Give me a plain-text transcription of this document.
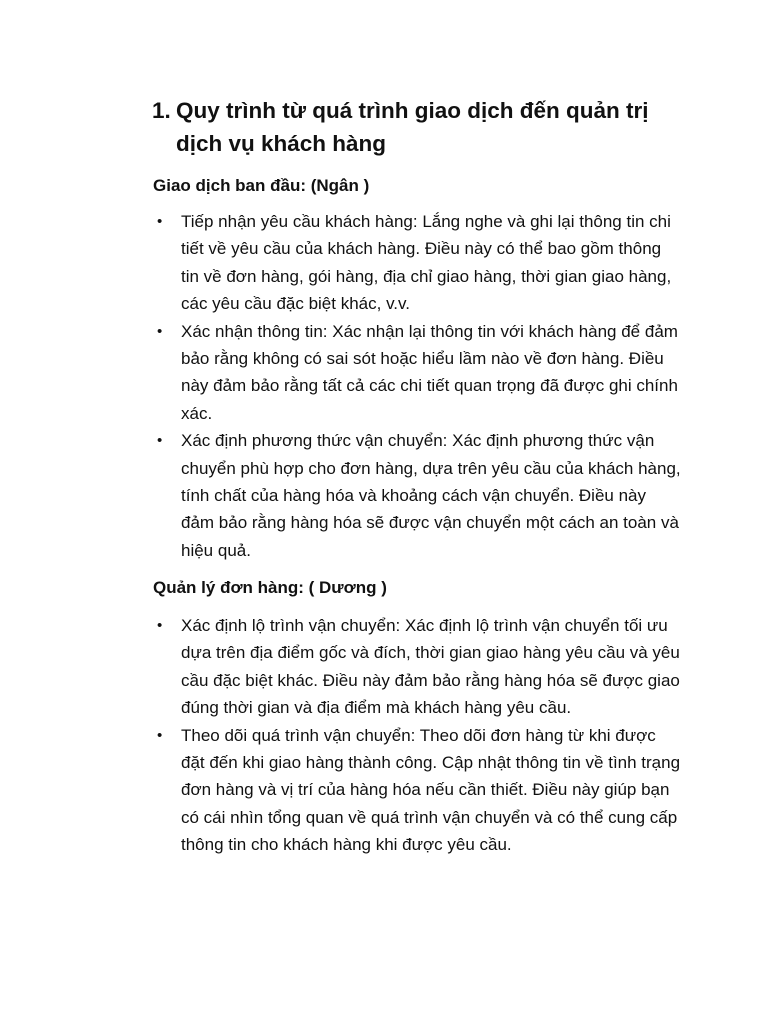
1. Quy trình từ quá trình giao dịch đến quản trị dịch vụ khách hàng
Giao dịch ban đầu: (Ngân )
• Tiếp nhận yêu cầu khách hàng: Lắng nghe và ghi lại thông tin chi tiết về yêu cầu của khách hàng. Điều này có thể bao gồm thông tin về đơn hàng, gói hàng, địa chỉ giao hàng, thời gian giao hàng, các yêu cầu đặc biệt khác, v.v.
• Xác nhận thông tin: Xác nhận lại thông tin với khách hàng để đảm bảo rằng không có sai sót hoặc hiểu lầm nào về đơn hàng. Điều này đảm bảo rằng tất cả các chi tiết quan trọng đã được ghi chính xác.
• Xác định phương thức vận chuyển: Xác định phương thức vận chuyển phù hợp cho đơn hàng, dựa trên yêu cầu của khách hàng, tính chất của hàng hóa và khoảng cách vận chuyển. Điều này đảm bảo rằng hàng hóa sẽ được vận chuyển một cách an toàn và hiệu quả.
Quản lý đơn hàng: ( Dương )
• Xác định lộ trình vận chuyển: Xác định lộ trình vận chuyển tối ưu dựa trên địa điểm gốc và đích, thời gian giao hàng yêu cầu và yêu cầu đặc biệt khác. Điều này đảm bảo rằng hàng hóa sẽ được giao đúng thời gian và địa điểm mà khách hàng yêu cầu.
• Theo dõi quá trình vận chuyển: Theo dõi đơn hàng từ khi được đặt đến khi giao hàng thành công. Cập nhật thông tin về tình trạng đơn hàng và vị trí của hàng hóa nếu cần thiết. Điều này giúp bạn có cái nhìn tổng quan về quá trình vận chuyển và có thể cung cấp thông tin cho khách hàng khi được yêu cầu.
